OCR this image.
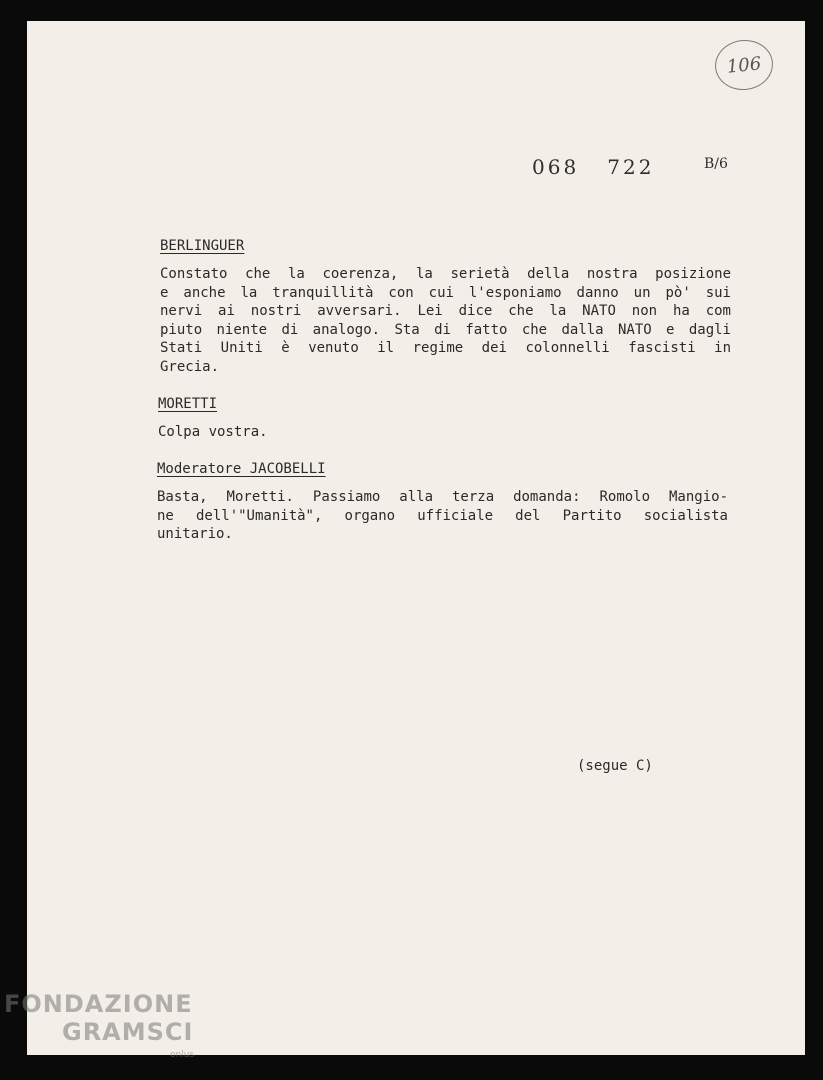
106
068   722	B/6
BERLINGUER
Constato che la coerenza, la serietà della nostra posizione
e anche la tranquillità con cui l'esponiamo danno un pò' sui
nervi ai nostri avversari. Lei dice che la NATO non ha com
piuto niente di analogo. Sta di fatto che dalla NATO e dagli
Stati Uniti è venuto il regime dei colonnelli fascisti in
Grecia.
MORETTI
Colpa vostra.
Moderatore JACOBELLI
Basta, Moretti. Passiamo alla terza domanda: Romolo Mangio-
ne dell'"Umanità", organo ufficiale del Partito socialista
unitario.
(segue C)
FONDAZIONE
GRAMSCI
onlus
